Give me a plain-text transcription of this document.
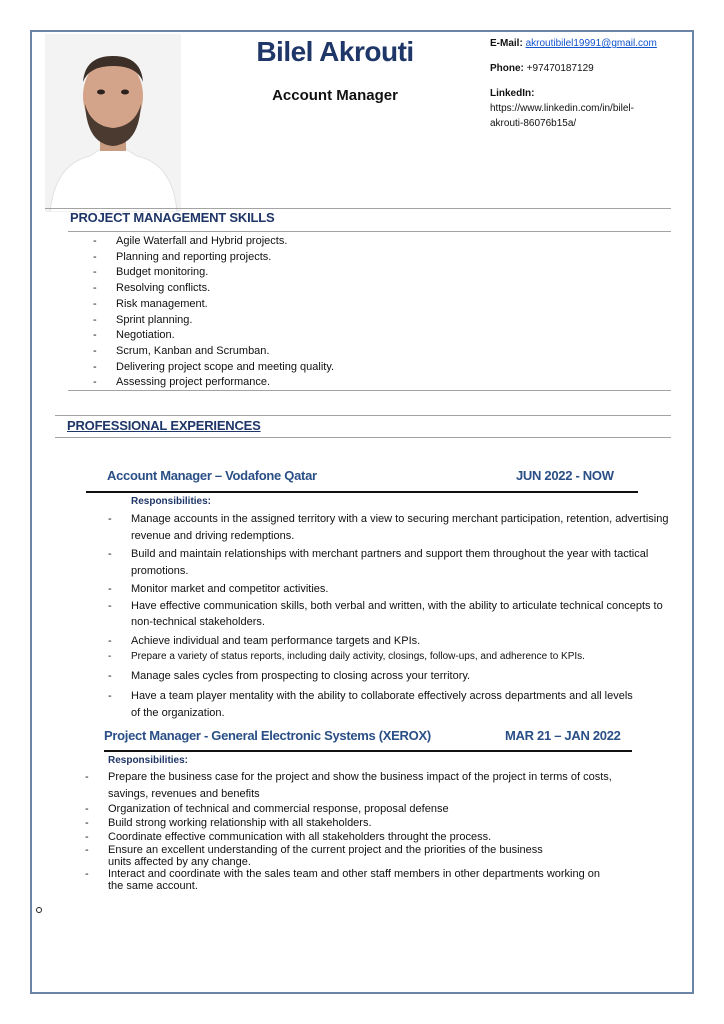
Bilel Akrouti
Account Manager
E-Mail: akroutibilel19991@gmail.com
Phone: +97470187129
LinkedIn:
https://www.linkedin.com/in/bilel-
akrouti-86076b15a/
PROJECT MANAGEMENT SKILLS
- Agile Waterfall and Hybrid projects.
- Planning and reporting projects.
- Budget monitoring.
- Resolving conflicts.
- Risk management.
- Sprint planning.
- Negotiation.
- Scrum, Kanban and Scrumban.
- Delivering project scope and meeting quality.
- Assessing project performance.
PROFESSIONAL EXPERIENCES
Account Manager – Vodafone Qatar	JUN 2022 - NOW
Responsibilities:
- Manage accounts in the assigned territory with a view to securing merchant participation, retention, advertising revenue and driving redemptions.
- Build and maintain relationships with merchant partners and support them throughout the year with tactical promotions.
- Monitor market and competitor activities.
- Have effective communication skills, both verbal and written, with the ability to articulate technical concepts to non-technical stakeholders.
- Achieve individual and team performance targets and KPIs.
- Prepare a variety of status reports, including daily activity, closings, follow-ups, and adherence to KPIs.
- Manage sales cycles from prospecting to closing across your territory.
- Have a team player mentality with the ability to collaborate effectively across departments and all levels of the organization.
Project Manager - General Electronic Systems (XEROX)	MAR 21 – JAN 2022
Responsibilities:
- Prepare the business case for the project and show the business impact of the project in terms of costs, savings, revenues and benefits
- Organization of technical and commercial response, proposal defense
- Build strong working relationship with all stakeholders.
- Coordinate effective communication with all stakeholders throught the process.
- Ensure an excellent understanding of the current project and the priorities of the business units affected by any change.
- Interact and coordinate with the sales team and other staff members in other departments working on the same account.
